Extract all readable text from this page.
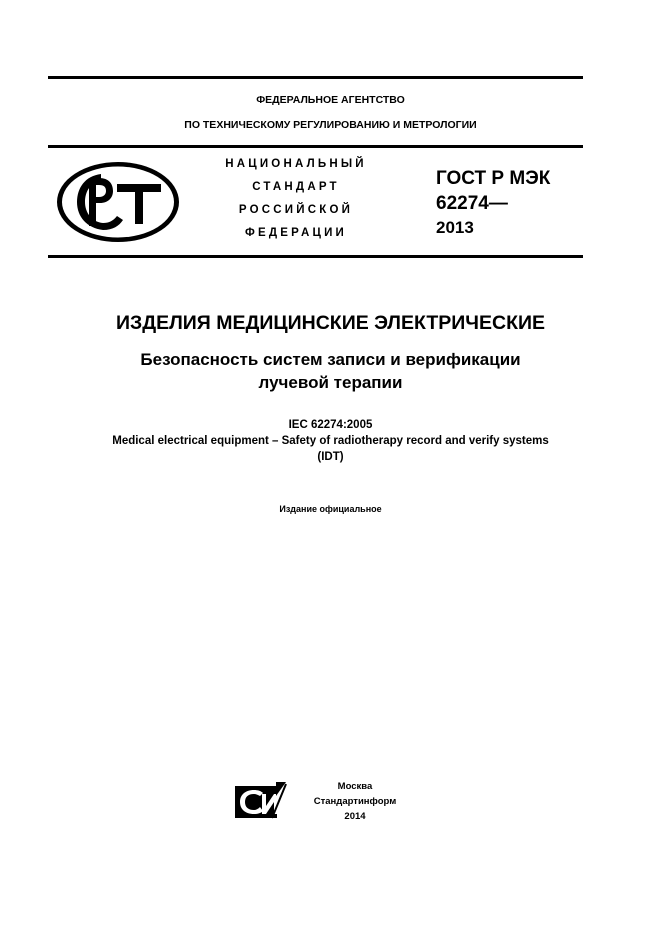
ФЕДЕРАЛЬНОЕ АГЕНТСТВО
ПО ТЕХНИЧЕСКОМУ РЕГУЛИРОВАНИЮ И МЕТРОЛОГИИ
НАЦИОНАЛЬНЫЙ
СТАНДАРТ
РОССИЙСКОЙ
ФЕДЕРАЦИИ
ГОСТ Р МЭК
62274—
2013
ИЗДЕЛИЯ МЕДИЦИНСКИЕ ЭЛЕКТРИЧЕСКИЕ
Безопасность систем записи и верификации
лучевой терапии
IEC 62274:2005
Medical electrical equipment – Safety of radiotherapy record and verify systems
(IDT)
Издание официальное
Москва
Стандартинформ
2014
